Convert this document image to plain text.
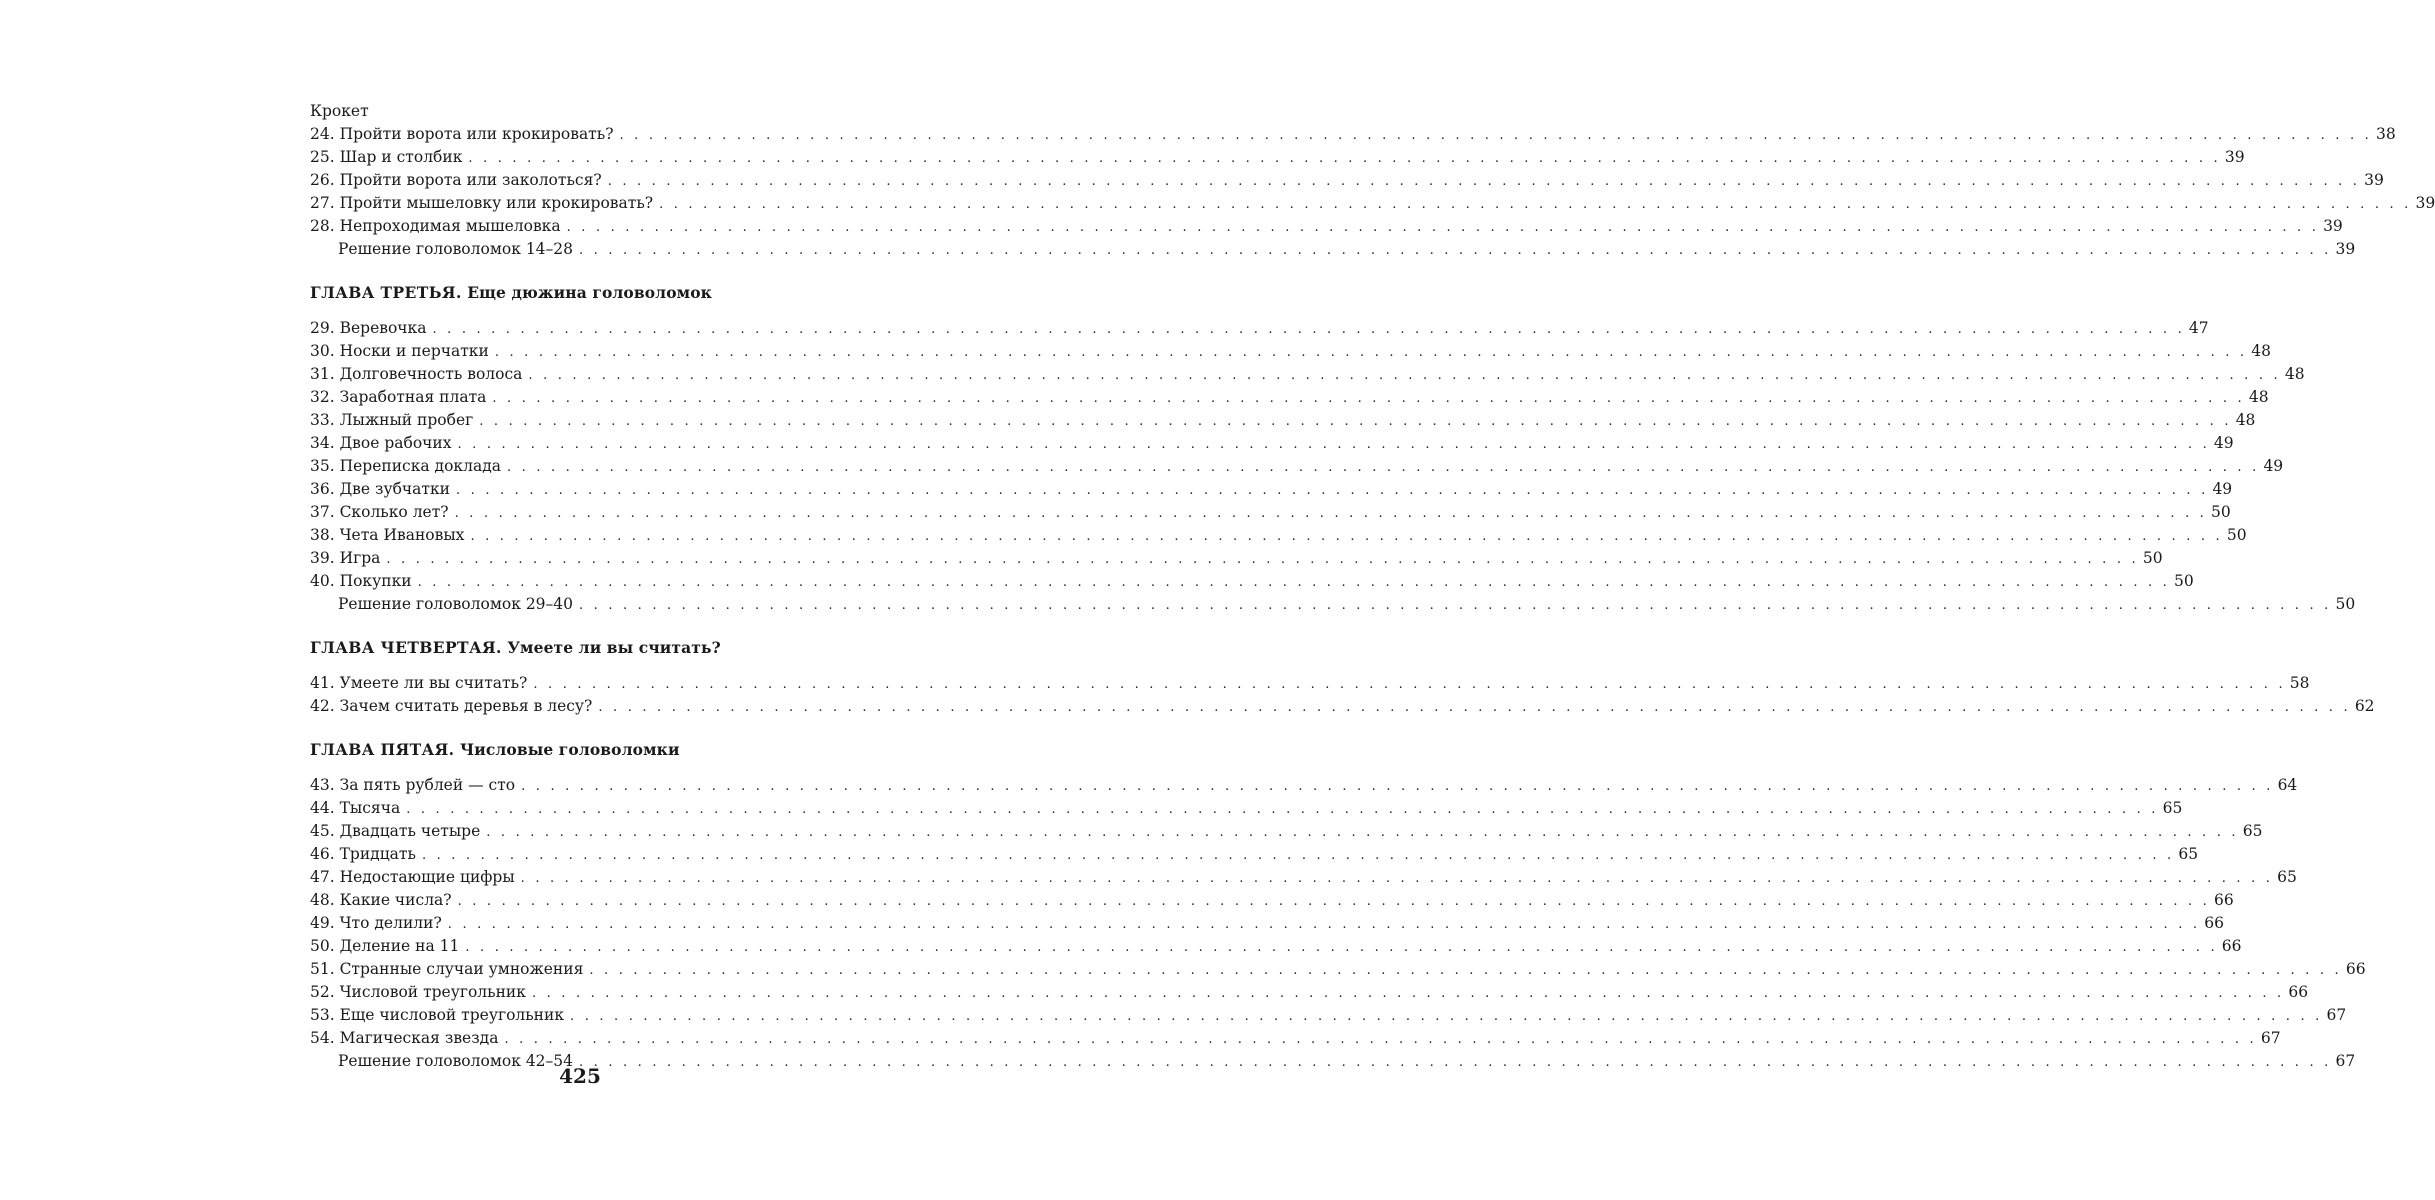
Крокет
24. Пройти ворота или крокировать? . . . . . . . . . . . . . . . . . . . . . . . . . . . . . . . . . . . . . . . . . . . . . . . . . . . . . . . . . . . . . . . . . . . . . . . . . . . . . . . . . . . . . . . . . . . . . . . . . . . . . . . . . . . . . . . . . . . . . . . . 38
25. Шар и столбик . . . . . . . . . . . . . . . . . . . . . . . . . . . . . . . . . . . . . . . . . . . . . . . . . . . . . . . . . . . . . . . . . . . . . . . . . . . . . . . . . . . . . . . . . . . . . . . . . . . . . . . . . . . . . . . . . . . . . . . . 39
26. Пройти ворота или заколоться? . . . . . . . . . . . . . . . . . . . . . . . . . . . . . . . . . . . . . . . . . . . . . . . . . . . . . . . . . . . . . . . . . . . . . . . . . . . . . . . . . . . . . . . . . . . . . . . . . . . . . . . . . . . . . . . . . . . . . . . . 39
27. Пройти мышеловку или крокировать? . . . . . . . . . . . . . . . . . . . . . . . . . . . . . . . . . . . . . . . . . . . . . . . . . . . . . . . . . . . . . . . . . . . . . . . . . . . . . . . . . . . . . . . . . . . . . . . . . . . . . . . . . . . . . . . . . . . . . . . . 39
28. Непроходимая мышеловка . . . . . . . . . . . . . . . . . . . . . . . . . . . . . . . . . . . . . . . . . . . . . . . . . . . . . . . . . . . . . . . . . . . . . . . . . . . . . . . . . . . . . . . . . . . . . . . . . . . . . . . . . . . . . . . . . . . . . . . . 39
Решение головоломок 14–28 . . . . . . . . . . . . . . . . . . . . . . . . . . . . . . . . . . . . . . . . . . . . . . . . . . . . . . . . . . . . . . . . . . . . . . . . . . . . . . . . . . . . . . . . . . . . . . . . . . . . . . . . . . . . . . . . . . . . . . . . 39
ГЛАВА ТРЕТЬЯ. Еще дюжина головоломок
29. Веревочка . . . . . . . . . . . . . . . . . . . . . . . . . . . . . . . . . . . . . . . . . . . . . . . . . . . . . . . . . . . . . . . . . . . . . . . . . . . . . . . . . . . . . . . . . . . . . . . . . . . . . . . . . . . . . . . . . . . . . . . . 47
30. Носки и перчатки . . . . . . . . . . . . . . . . . . . . . . . . . . . . . . . . . . . . . . . . . . . . . . . . . . . . . . . . . . . . . . . . . . . . . . . . . . . . . . . . . . . . . . . . . . . . . . . . . . . . . . . . . . . . . . . . . . . . . . . . 48
31. Долговечность волоса . . . . . . . . . . . . . . . . . . . . . . . . . . . . . . . . . . . . . . . . . . . . . . . . . . . . . . . . . . . . . . . . . . . . . . . . . . . . . . . . . . . . . . . . . . . . . . . . . . . . . . . . . . . . . . . . . . . . . . . . 48
32. Заработная плата . . . . . . . . . . . . . . . . . . . . . . . . . . . . . . . . . . . . . . . . . . . . . . . . . . . . . . . . . . . . . . . . . . . . . . . . . . . . . . . . . . . . . . . . . . . . . . . . . . . . . . . . . . . . . . . . . . . . . . . . 48
33. Лыжный пробег . . . . . . . . . . . . . . . . . . . . . . . . . . . . . . . . . . . . . . . . . . . . . . . . . . . . . . . . . . . . . . . . . . . . . . . . . . . . . . . . . . . . . . . . . . . . . . . . . . . . . . . . . . . . . . . . . . . . . . . . 48
34. Двое рабочих . . . . . . . . . . . . . . . . . . . . . . . . . . . . . . . . . . . . . . . . . . . . . . . . . . . . . . . . . . . . . . . . . . . . . . . . . . . . . . . . . . . . . . . . . . . . . . . . . . . . . . . . . . . . . . . . . . . . . . . . 49
35. Переписка доклада . . . . . . . . . . . . . . . . . . . . . . . . . . . . . . . . . . . . . . . . . . . . . . . . . . . . . . . . . . . . . . . . . . . . . . . . . . . . . . . . . . . . . . . . . . . . . . . . . . . . . . . . . . . . . . . . . . . . . . . . 49
36. Две зубчатки . . . . . . . . . . . . . . . . . . . . . . . . . . . . . . . . . . . . . . . . . . . . . . . . . . . . . . . . . . . . . . . . . . . . . . . . . . . . . . . . . . . . . . . . . . . . . . . . . . . . . . . . . . . . . . . . . . . . . . . . 49
37. Сколько лет? . . . . . . . . . . . . . . . . . . . . . . . . . . . . . . . . . . . . . . . . . . . . . . . . . . . . . . . . . . . . . . . . . . . . . . . . . . . . . . . . . . . . . . . . . . . . . . . . . . . . . . . . . . . . . . . . . . . . . . . . 50
38. Чета Ивановых . . . . . . . . . . . . . . . . . . . . . . . . . . . . . . . . . . . . . . . . . . . . . . . . . . . . . . . . . . . . . . . . . . . . . . . . . . . . . . . . . . . . . . . . . . . . . . . . . . . . . . . . . . . . . . . . . . . . . . . . 50
39. Игра . . . . . . . . . . . . . . . . . . . . . . . . . . . . . . . . . . . . . . . . . . . . . . . . . . . . . . . . . . . . . . . . . . . . . . . . . . . . . . . . . . . . . . . . . . . . . . . . . . . . . . . . . . . . . . . . . . . . . . . . 50
40. Покупки . . . . . . . . . . . . . . . . . . . . . . . . . . . . . . . . . . . . . . . . . . . . . . . . . . . . . . . . . . . . . . . . . . . . . . . . . . . . . . . . . . . . . . . . . . . . . . . . . . . . . . . . . . . . . . . . . . . . . . . . 50
Решение головоломок 29–40 . . . . . . . . . . . . . . . . . . . . . . . . . . . . . . . . . . . . . . . . . . . . . . . . . . . . . . . . . . . . . . . . . . . . . . . . . . . . . . . . . . . . . . . . . . . . . . . . . . . . . . . . . . . . . . . . . . . . . . . . 50
ГЛАВА ЧЕТВЕРТАЯ. Умеете ли вы считать?
41. Умеете ли вы считать? . . . . . . . . . . . . . . . . . . . . . . . . . . . . . . . . . . . . . . . . . . . . . . . . . . . . . . . . . . . . . . . . . . . . . . . . . . . . . . . . . . . . . . . . . . . . . . . . . . . . . . . . . . . . . . . . . . . . . . . . 58
42. Зачем считать деревья в лесу? . . . . . . . . . . . . . . . . . . . . . . . . . . . . . . . . . . . . . . . . . . . . . . . . . . . . . . . . . . . . . . . . . . . . . . . . . . . . . . . . . . . . . . . . . . . . . . . . . . . . . . . . . . . . . . . . . . . . . . . . 62
ГЛАВА ПЯТАЯ. Числовые головоломки
43. За пять рублей — сто . . . . . . . . . . . . . . . . . . . . . . . . . . . . . . . . . . . . . . . . . . . . . . . . . . . . . . . . . . . . . . . . . . . . . . . . . . . . . . . . . . . . . . . . . . . . . . . . . . . . . . . . . . . . . . . . . . . . . . . . 64
44. Тысяча . . . . . . . . . . . . . . . . . . . . . . . . . . . . . . . . . . . . . . . . . . . . . . . . . . . . . . . . . . . . . . . . . . . . . . . . . . . . . . . . . . . . . . . . . . . . . . . . . . . . . . . . . . . . . . . . . . . . . . . . 65
45. Двадцать четыре . . . . . . . . . . . . . . . . . . . . . . . . . . . . . . . . . . . . . . . . . . . . . . . . . . . . . . . . . . . . . . . . . . . . . . . . . . . . . . . . . . . . . . . . . . . . . . . . . . . . . . . . . . . . . . . . . . . . . . . . 65
46. Тридцать . . . . . . . . . . . . . . . . . . . . . . . . . . . . . . . . . . . . . . . . . . . . . . . . . . . . . . . . . . . . . . . . . . . . . . . . . . . . . . . . . . . . . . . . . . . . . . . . . . . . . . . . . . . . . . . . . . . . . . . . 65
47. Недостающие цифры . . . . . . . . . . . . . . . . . . . . . . . . . . . . . . . . . . . . . . . . . . . . . . . . . . . . . . . . . . . . . . . . . . . . . . . . . . . . . . . . . . . . . . . . . . . . . . . . . . . . . . . . . . . . . . . . . . . . . . . . 65
48. Какие числа? . . . . . . . . . . . . . . . . . . . . . . . . . . . . . . . . . . . . . . . . . . . . . . . . . . . . . . . . . . . . . . . . . . . . . . . . . . . . . . . . . . . . . . . . . . . . . . . . . . . . . . . . . . . . . . . . . . . . . . . . 66
49. Что делили? . . . . . . . . . . . . . . . . . . . . . . . . . . . . . . . . . . . . . . . . . . . . . . . . . . . . . . . . . . . . . . . . . . . . . . . . . . . . . . . . . . . . . . . . . . . . . . . . . . . . . . . . . . . . . . . . . . . . . . . . 66
50. Деление на 11 . . . . . . . . . . . . . . . . . . . . . . . . . . . . . . . . . . . . . . . . . . . . . . . . . . . . . . . . . . . . . . . . . . . . . . . . . . . . . . . . . . . . . . . . . . . . . . . . . . . . . . . . . . . . . . . . . . . . . . . . 66
51. Странные случаи умножения . . . . . . . . . . . . . . . . . . . . . . . . . . . . . . . . . . . . . . . . . . . . . . . . . . . . . . . . . . . . . . . . . . . . . . . . . . . . . . . . . . . . . . . . . . . . . . . . . . . . . . . . . . . . . . . . . . . . . . . . 66
52. Числовой треугольник . . . . . . . . . . . . . . . . . . . . . . . . . . . . . . . . . . . . . . . . . . . . . . . . . . . . . . . . . . . . . . . . . . . . . . . . . . . . . . . . . . . . . . . . . . . . . . . . . . . . . . . . . . . . . . . . . . . . . . . . 66
53. Еще числовой треугольник . . . . . . . . . . . . . . . . . . . . . . . . . . . . . . . . . . . . . . . . . . . . . . . . . . . . . . . . . . . . . . . . . . . . . . . . . . . . . . . . . . . . . . . . . . . . . . . . . . . . . . . . . . . . . . . . . . . . . . . . 67
54. Магическая звезда . . . . . . . . . . . . . . . . . . . . . . . . . . . . . . . . . . . . . . . . . . . . . . . . . . . . . . . . . . . . . . . . . . . . . . . . . . . . . . . . . . . . . . . . . . . . . . . . . . . . . . . . . . . . . . . . . . . . . . . . 67
Решение головоломок 42–54 . . . . . . . . . . . . . . . . . . . . . . . . . . . . . . . . . . . . . . . . . . . . . . . . . . . . . . . . . . . . . . . . . . . . . . . . . . . . . . . . . . . . . . . . . . . . . . . . . . . . . . . . . . . . . . . . . . . . . . . . 67
425
